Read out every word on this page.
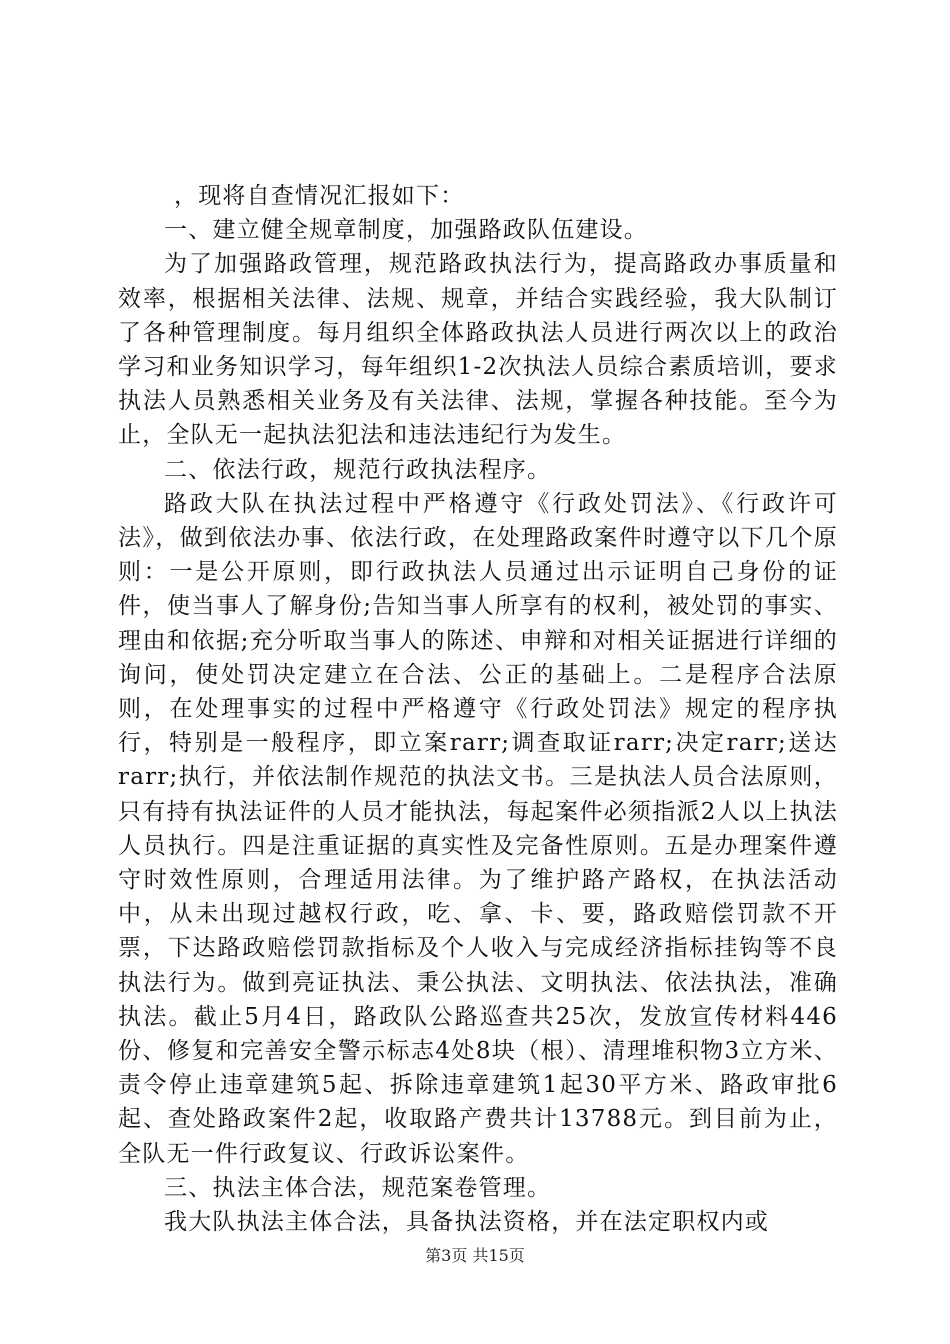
，现将自查情况汇报如下：

一、建立健全规章制度，加强路政队伍建设。

为了加强路政管理，规范路政执法行为，提高路政办事质量和效率，根据相关法律、法规、规章，并结合实践经验，我大队制订了各种管理制度。每月组织全体路政执法人员进行两次以上的政治学习和业务知识学习，每年组织1-2次执法人员综合素质培训，要求执法人员熟悉相关业务及有关法律、法规，掌握各种技能。至今为止，全队无一起执法犯法和违法违纪行为发生。

二、依法行政，规范行政执法程序。

路政大队在执法过程中严格遵守《行政处罚法》、《行政许可法》，做到依法办事、依法行政，在处理路政案件时遵守以下几个原则：一是公开原则，即行政执法人员通过出示证明自己身份的证件，使当事人了解身份;告知当事人所享有的权利，被处罚的事实、理由和依据;充分听取当事人的陈述、申辩和对相关证据进行详细的询问，使处罚决定建立在合法、公正的基础上。二是程序合法原则，在处理事实的过程中严格遵守《行政处罚法》规定的程序执行，特别是一般程序，即立案rarr;调查取证rarr;决定rarr;送达rarr;执行，并依法制作规范的执法文书。三是执法人员合法原则，只有持有执法证件的人员才能执法，每起案件必须指派2人以上执法人员执行。四是注重证据的真实性及完备性原则。五是办理案件遵守时效性原则，合理适用法律。为了维护路产路权，在执法活动中，从未出现过越权行政，吃、拿、卡、要，路政赔偿罚款不开票，下达路政赔偿罚款指标及个人收入与完成经济指标挂钩等不良执法行为。做到亮证执法、秉公执法、文明执法、依法执法，准确执法。截止5月4日，路政队公路巡查共25次，发放宣传材料446份、修复和完善安全警示标志4处8块（根）、清理堆积物3立方米、责令停止违章建筑5起、拆除违章建筑1起30平方米、路政审批6起、查处路政案件2起，收取路产费共计13788元。到目前为止，全队无一件行政复议、行政诉讼案件。

三、执法主体合法，规范案卷管理。

我大队执法主体合法，具备执法资格，并在法定职权内或

第3页 共15页
